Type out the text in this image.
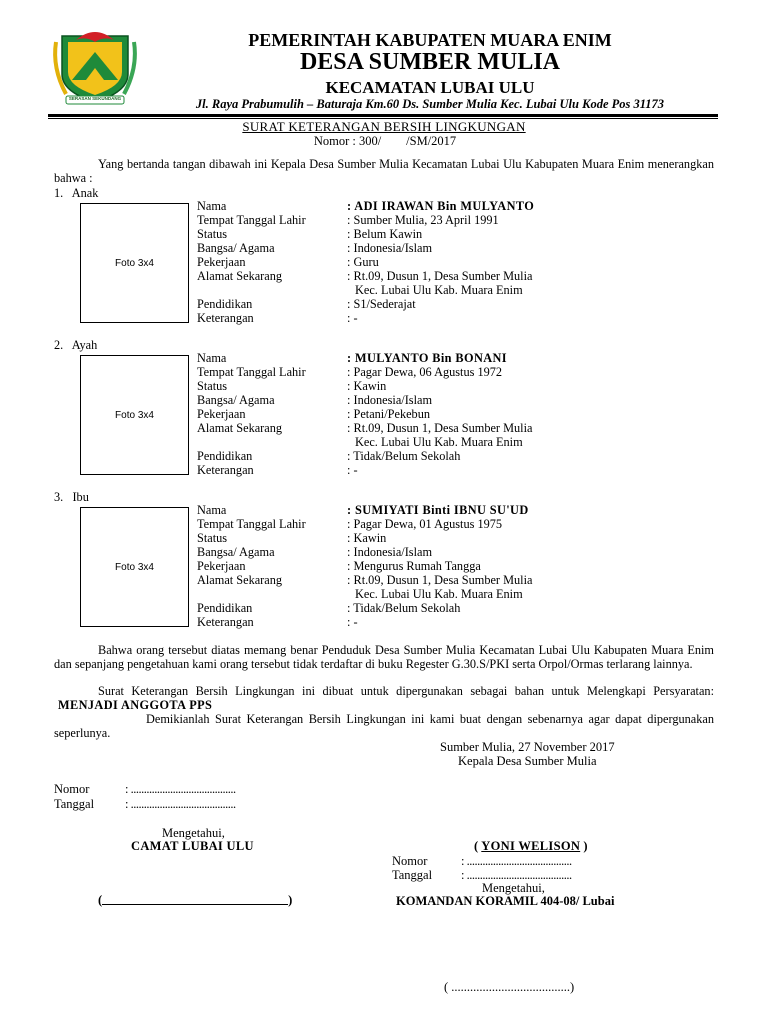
SERASAN SEKUNDANG
PEMERINTAH KABUPATEN MUARA ENIM
DESA SUMBER MULIA
KECAMATAN LUBAI ULU
Jl. Raya Prabumulih – Baturaja Km.60 Ds. Sumber Mulia Kec. Lubai Ulu Kode Pos 31173
SURAT KETERANGAN BERSIH LINGKUNGAN
Nomor : 300/        /SM/2017
Yang bertanda tangan dibawah ini Kepala Desa Sumber Mulia Kecamatan Lubai Ulu Kabupaten Muara Enim menerangkan bahwa :
1.   Anak
Foto 3x4
Nama	: ADI IRAWAN Bin MULYANTO
Tempat Tanggal Lahir	: Sumber Mulia, 23 April 1991
Status	: Belum Kawin
Bangsa/ Agama	: Indonesia/Islam
Pekerjaan	: Guru
Alamat Sekarang	: Rt.09, Dusun 1, Desa Sumber Mulia
Kec. Lubai Ulu Kab. Muara Enim
Pendidikan	: S1/Sederajat
Keterangan	: -
2.   Ayah
Foto 3x4
Nama	: MULYANTO Bin BONANI
Tempat Tanggal Lahir	: Pagar Dewa, 06 Agustus 1972
Status	: Kawin
Bangsa/ Agama	: Indonesia/Islam
Pekerjaan	: Petani/Pekebun
Alamat Sekarang	: Rt.09, Dusun 1, Desa Sumber Mulia
Kec. Lubai Ulu Kab. Muara Enim
Pendidikan	: Tidak/Belum Sekolah
Keterangan	: -
3.   Ibu
Foto 3x4
Nama	: SUMIYATI Binti IBNU SU'UD
Tempat Tanggal Lahir	: Pagar Dewa, 01 Agustus 1975
Status	: Kawin
Bangsa/ Agama	: Indonesia/Islam
Pekerjaan	: Mengurus Rumah Tangga
Alamat Sekarang	: Rt.09, Dusun 1, Desa Sumber Mulia
Kec. Lubai Ulu Kab. Muara Enim
Pendidikan	: Tidak/Belum Sekolah
Keterangan	: -
Bahwa orang tersebut diatas memang benar Penduduk Desa Sumber Mulia Kecamatan Lubai Ulu Kabupaten Muara Enim dan sepanjang pengetahuan kami orang tersebut tidak terdaftar di buku Regester G.30.S/PKI serta Orpol/Ormas terlarang lainnya.
Surat Keterangan Bersih Lingkungan ini dibuat untuk dipergunakan sebagai bahan untuk Melengkapi Persyaratan: MENJADI ANGGOTA PPS
Demikianlah Surat Keterangan Bersih Lingkungan ini kami buat dengan sebenarnya agar dapat dipergunakan seperlunya.
Sumber Mulia, 27 November 2017
Kepala Desa Sumber Mulia
Nomor	: ........................................
Tanggal : ........................................
Mengetahui,
CAMAT LUBAI ULU	( YONI WELISON )
Nomor	: ........................................
Tanggal : ........................................
Mengetahui,
KOMANDAN KORAMIL 404-08/ Lubai
(	)
( ......................................)
